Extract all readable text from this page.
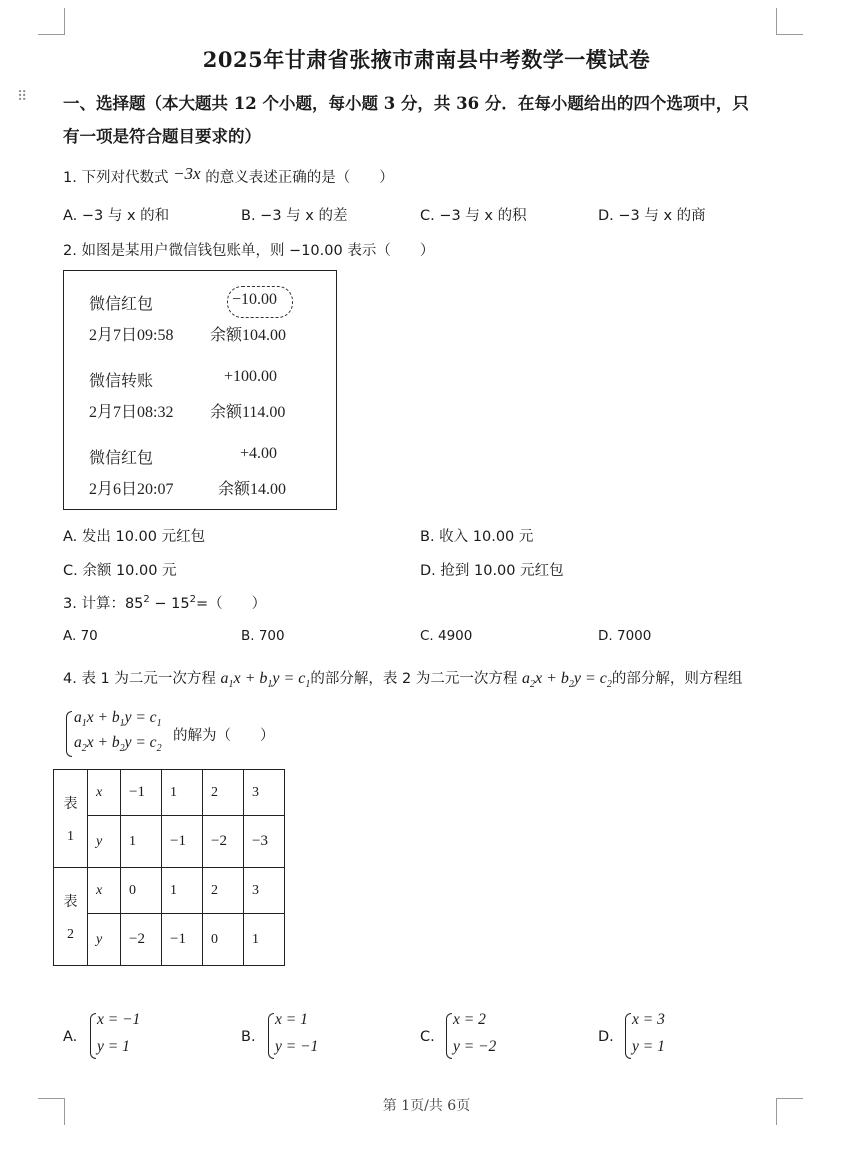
2025年甘肃省张掖市肃南县中考数学一模试卷
⠿ 一、选择题（本大题共 12 个小题，每小题 3 分，共 36 分．在每小题给出的四个选项中，只
有一项是符合题目要求的）
1. 下列对代数式 −3x 的意义表述正确的是（　　）
A. −3 与 x 的和	B. −3 与 x 的差	C. −3 与 x 的积	D. −3 与 x 的商
2. 如图是某用户微信钱包账单，则 −10.00 表示（　　）
微信红包	−10.00
2月7日09:58 余额104.00
微信转账	+100.00
2月7日08:32 余额114.00
微信红包	+4.00
2月6日20:07	余额14.00
A. 发出 10.00 元红包	B. 收入 10.00 元
C. 余额 10.00 元	D. 抢到 10.00 元红包
3. 计算：$85^2 - 15^2=$（　　）
A. 70	B. 700	C. 4900	D. 7000
4. 表 1 为二元一次方程 $a_1x + b_1y = c_1$的部分解，表 2 为二元一次方程 $a_2x + b_2y = c_2$的部分解，则方程组
$a_1x + b_1y = c_1$
$a_2x + b_2y = c_2$
的解为（　　）
表
1	x	−1	1	2	3
	y	1	−1	−2	−3

表
2	x	0	1	2	3
	y	−2	−1	0	1
A.
x = −1
y = 1
B.
x = 1
y = −1
C.
x = 2
y = −2
D.
x = 3
y = 1
第 1页/共 6页
